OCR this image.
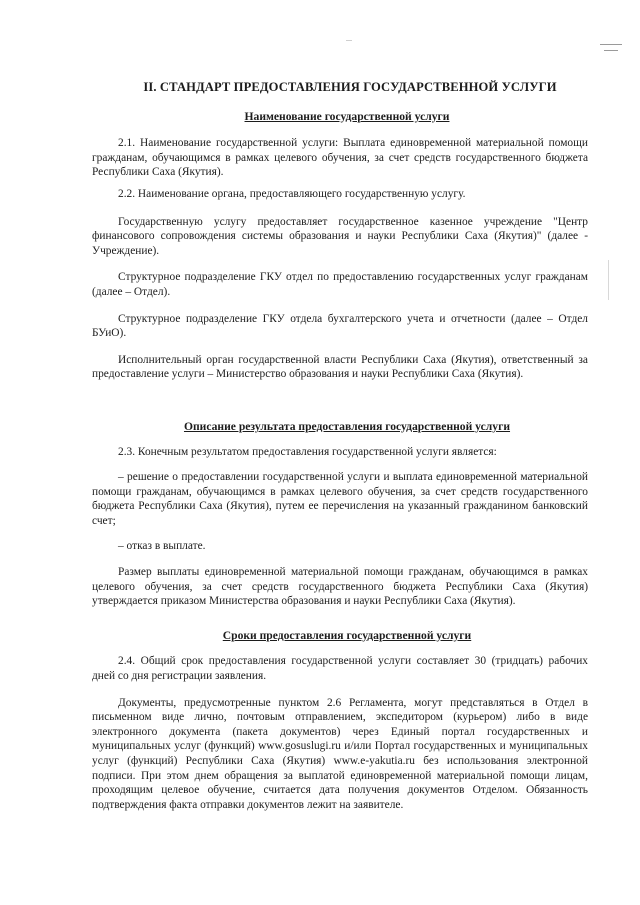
II. СТАНДАРТ ПРЕДОСТАВЛЕНИЯ ГОСУДАРСТВЕННОЙ УСЛУГИ
Наименование государственной услуги

2.1. Наименование государственной услуги: Выплата единовременной материальной помощи гражданам, обучающимся в рамках целевого обучения, за счет средств государственного бюджета Республики Саха (Якутия).

2.2. Наименование органа, предоставляющего государственную услугу.

Государственную услугу предоставляет государственное казенное учреждение "Центр финансового сопровождения системы образования и науки Республики Саха (Якутия)" (далее - Учреждение).

Структурное подразделение ГКУ отдел по предоставлению государственных услуг гражданам (далее – Отдел).

Структурное подразделение ГКУ отдела бухгалтерского учета и отчетности (далее – Отдел БУиО).

Исполнительный орган государственной власти Республики Саха (Якутия), ответственный за предоставление услуги – Министерство образования и науки Республики Саха (Якутия).

Описание результата предоставления государственной услуги

2.3. Конечным результатом предоставления государственной услуги является:

– решение о предоставлении государственной услуги и выплата единовременной материальной помощи гражданам, обучающимся в рамках целевого обучения, за счет средств государственного бюджета Республики Саха (Якутия), путем ее перечисления на указанный гражданином банковский счет;

– отказ в выплате.

Размер выплаты единовременной материальной помощи гражданам, обучающимся в рамках целевого обучения, за счет средств государственного бюджета Республики Саха (Якутия) утверждается приказом Министерства образования и науки Республики Саха (Якутия).

Сроки предоставления государственной услуги

2.4. Общий срок предоставления государственной услуги составляет 30 (тридцать) рабочих дней со дня регистрации заявления.

Документы, предусмотренные пунктом 2.6 Регламента, могут представляться в Отдел в письменном виде лично, почтовым отправлением, экспедитором (курьером) либо в виде электронного документа (пакета документов) через Единый портал государственных и муниципальных услуг (функций) www.gosuslugi.ru и/или Портал государственных и муниципальных услуг (функций) Республики Саха (Якутия) www.e-yakutia.ru без использования электронной подписи. При этом днем обращения за выплатой единовременной материальной помощи лицам, проходящим целевое обучение, считается дата получения документов Отделом. Обязанность подтверждения факта отправки документов лежит на заявителе.
